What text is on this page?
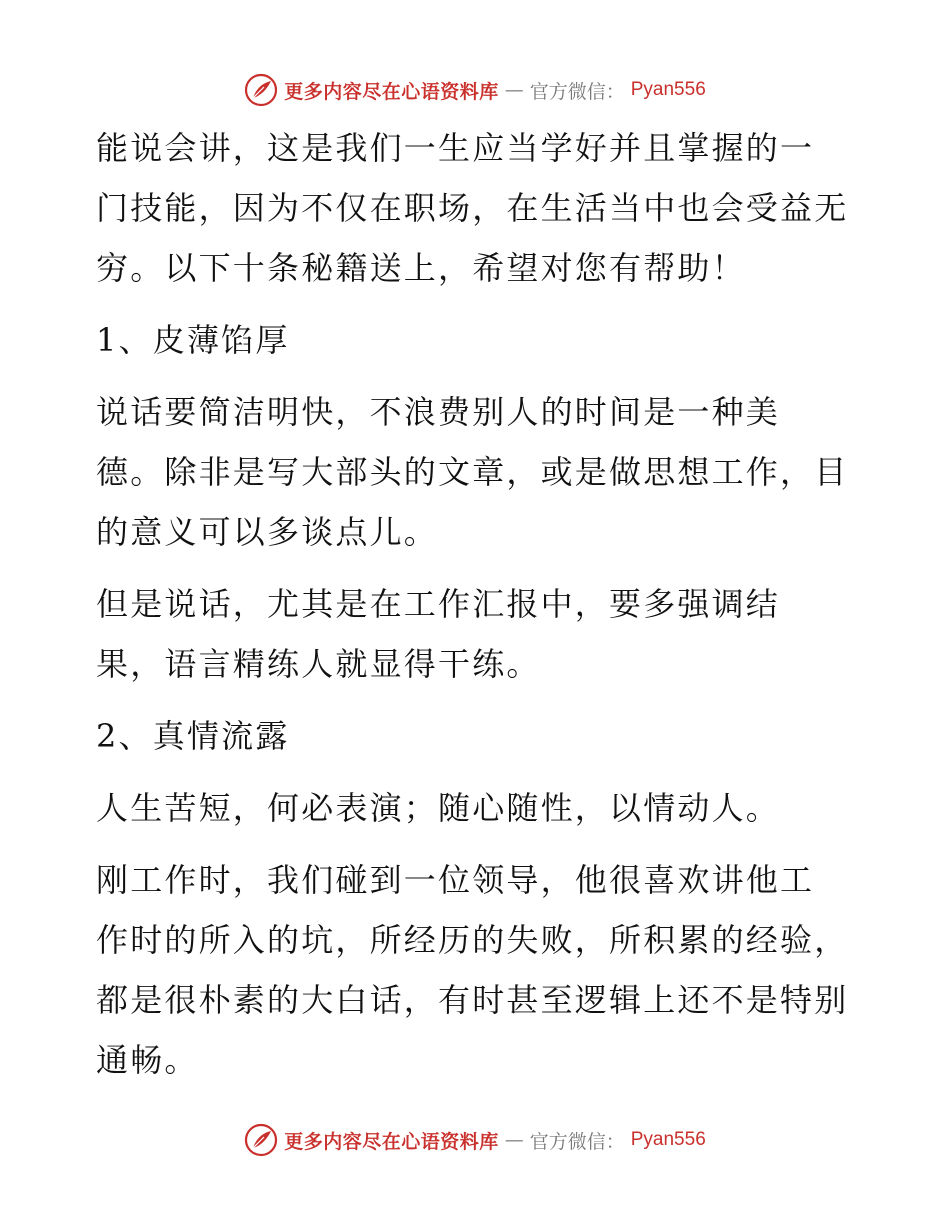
更多内容尽在心语资料库 — 官方微信： Pyan556

能说会讲，这是我们一生应当学好并且掌握的一
门技能，因为不仅在职场，在生活当中也会受益无
穷。以下十条秘籍送上，希望对您有帮助！

1、皮薄馅厚

说话要简洁明快，不浪费别人的时间是一种美
德。除非是写大部头的文章，或是做思想工作，目
的意义可以多谈点儿。

但是说话，尤其是在工作汇报中，要多强调结
果，语言精练人就显得干练。

2、真情流露

人生苦短，何必表演；随心随性，以情动人。

刚工作时，我们碰到一位领导，他很喜欢讲他工
作时的所入的坑，所经历的失败，所积累的经验，
都是很朴素的大白话，有时甚至逻辑上还不是特别
通畅。

更多内容尽在心语资料库 — 官方微信： Pyan556
